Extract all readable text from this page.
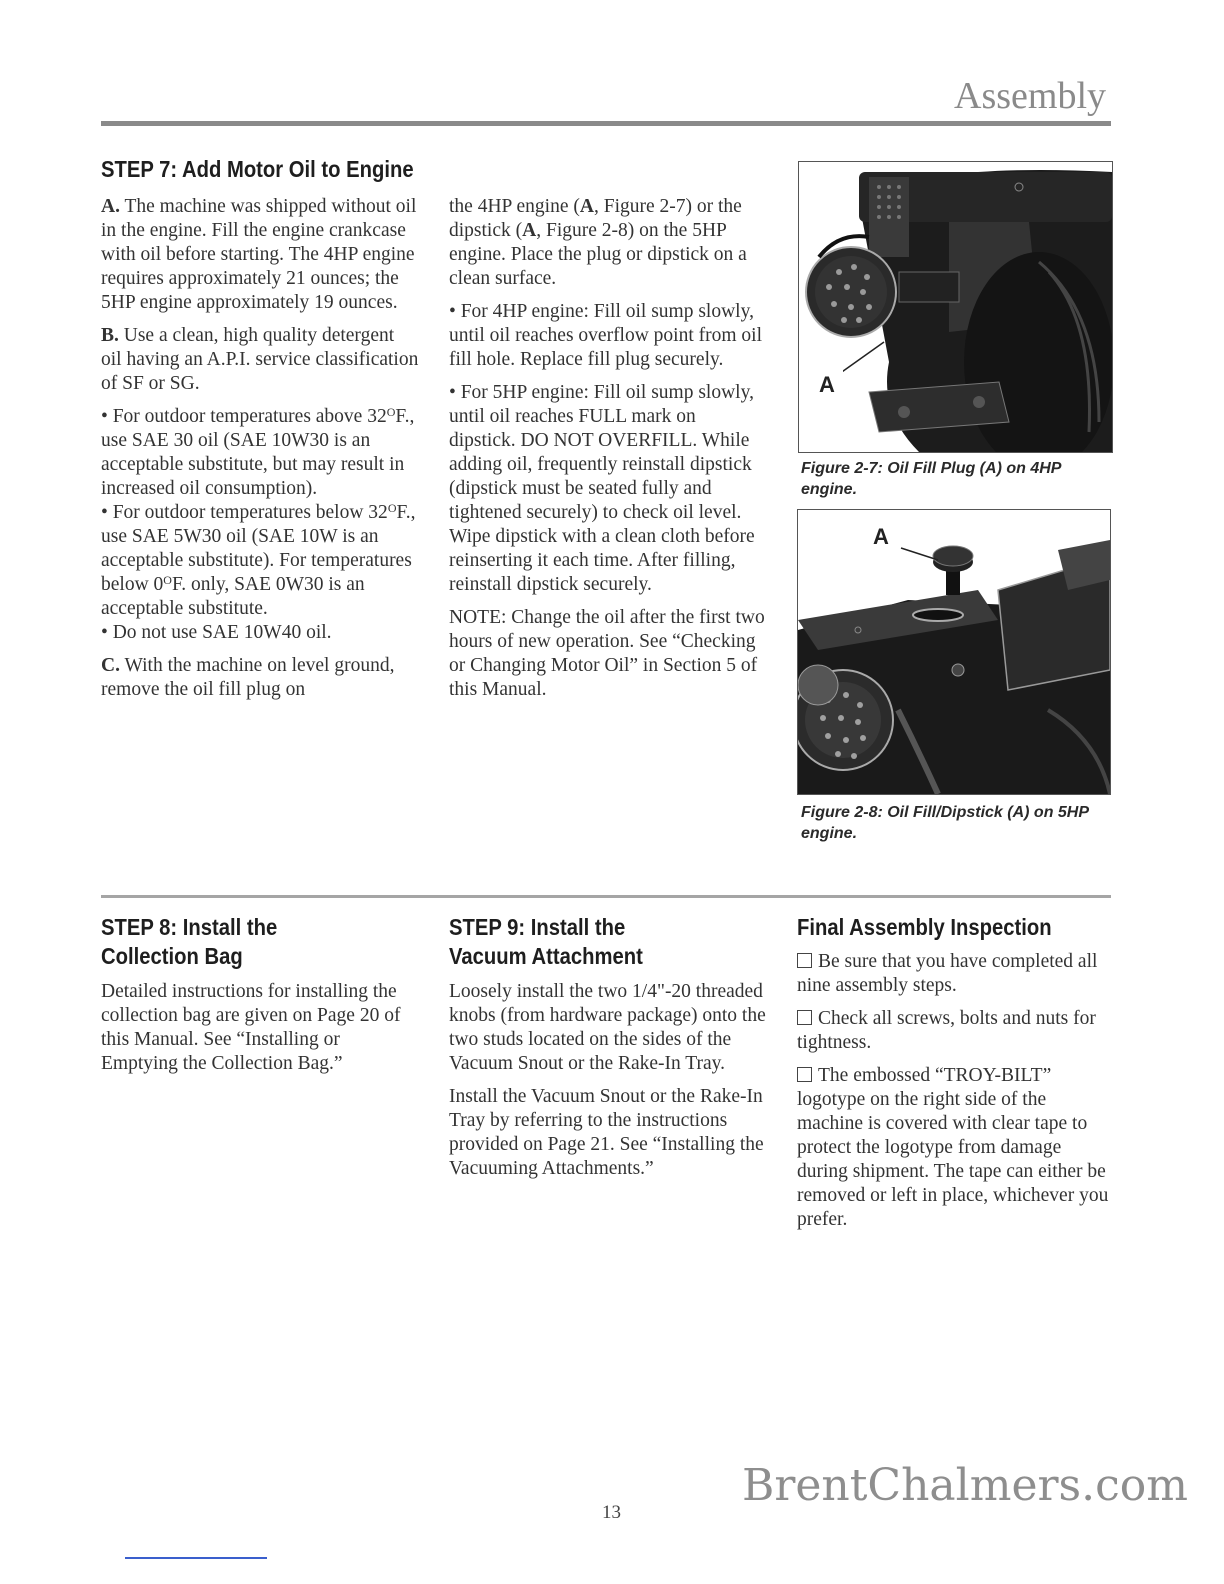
Assembly
STEP 7: Add Motor Oil to Engine

A. The machine was shipped without oil in the engine. Fill the engine crankcase with oil before starting. The 4HP engine requires approximately 21 ounces; the 5HP engine approximately 19 ounces.

B. Use a clean, high quality detergent oil having an A.P.I. service classification of SF or SG.

• For outdoor temperatures above $32^OF$., use SAE 30 oil (SAE 10W30 is an acceptable substitute, but may result in increased oil consumption).
• For outdoor temperatures below $32^OF$., use SAE 5W30 oil (SAE 10W is an acceptable substitute). For temperatures below $0^OF$. only, SAE 0W30 is an acceptable substitute.
• Do not use SAE 10W40 oil.

C. With the machine on level ground, remove the oil fill plug on

the 4HP engine (A, Figure 2-7) or the dipstick (A, Figure 2-8) on the 5HP engine. Place the plug or dipstick on a clean surface.

• For 4HP engine: Fill oil sump slowly, until oil reaches overflow point from oil fill hole. Replace fill plug securely.

• For 5HP engine: Fill oil sump slowly, until oil reaches FULL mark on dipstick. DO NOT OVERFILL. While adding oil, frequently reinstall dipstick (dipstick must be seated fully and tightened securely) to check oil level. Wipe dipstick with a clean cloth before reinserting it each time. After filling, reinstall dipstick securely.

NOTE: Change the oil after the first two hours of new operation. See “Checking or Changing Motor Oil” in Section 5 of this Manual.

A
Figure 2-7: Oil Fill Plug (A) on 4HP engine.
A
Figure 2-8: Oil Fill/Dipstick (A) on 5HP engine.
STEP 8: Install the
Collection Bag
Detailed instructions for installing the collection bag are given on Page 20 of this Manual. See “Installing or Emptying the Collection Bag.”
STEP 9: Install the
Vacuum Attachment

Loosely install the two 1/4"-20 threaded knobs (from hardware package) onto the two studs located on the sides of the Vacuum Snout or the Rake-In Tray.

Install the Vacuum Snout or the Rake-In Tray by referring to the instructions provided on Page 21. See “Installing the Vacuuming Attachments.”

Final Assembly Inspection

Be sure that you have completed all nine assembly steps.

Check all screws, bolts and nuts for tightness.

The embossed “TROY-BILT” logotype on the right side of the machine is covered with clear tape to protect the logotype from damage during shipment. The tape can either be removed or left in place, whichever you prefer.

13
BrentChalmers.com
